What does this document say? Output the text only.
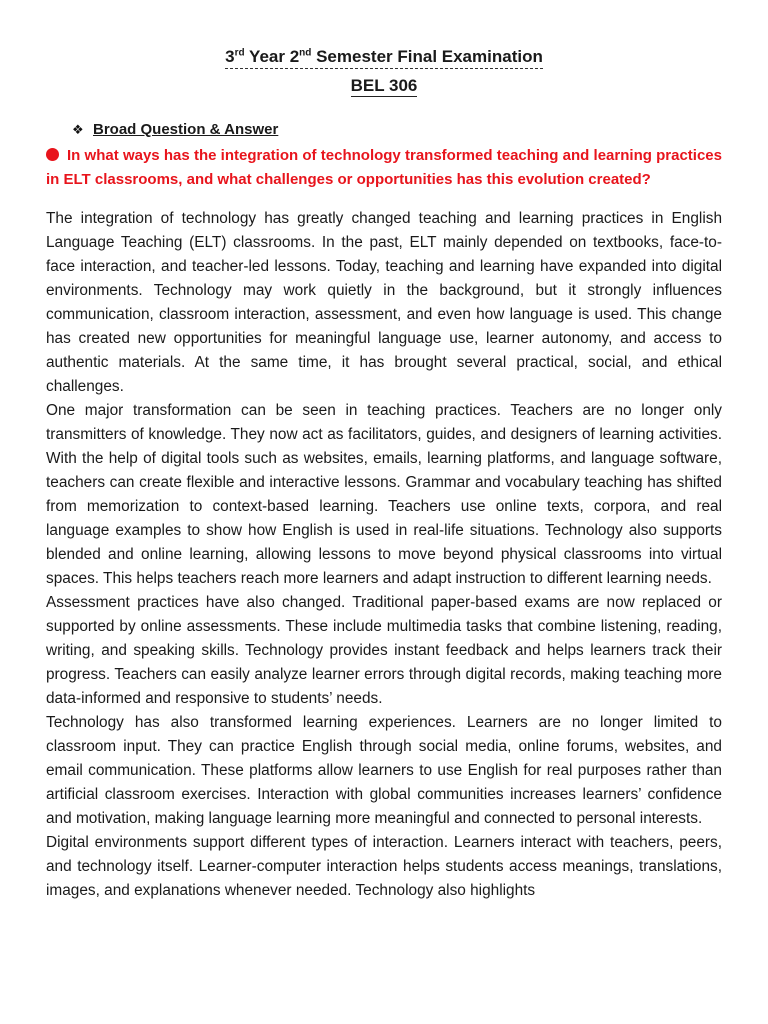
3rd Year 2nd Semester Final Examination
BEL 306
❖ Broad Question & Answer

In what ways has the integration of technology transformed teaching and learning practices in ELT classrooms, and what challenges or opportunities has this evolution created?

The integration of technology has greatly changed teaching and learning practices in English Language Teaching (ELT) classrooms. In the past, ELT mainly depended on textbooks, face-to-face interaction, and teacher-led lessons. Today, teaching and learning have expanded into digital environments. Technology may work quietly in the background, but it strongly influences communication, classroom interaction, assessment, and even how language is used. This change has created new opportunities for meaningful language use, learner autonomy, and access to authentic materials. At the same time, it has brought several practical, social, and ethical challenges.

One major transformation can be seen in teaching practices. Teachers are no longer only transmitters of knowledge. They now act as facilitators, guides, and designers of learning activities. With the help of digital tools such as websites, emails, learning platforms, and language software, teachers can create flexible and interactive lessons. Grammar and vocabulary teaching has shifted from memorization to context-based learning. Teachers use online texts, corpora, and real language examples to show how English is used in real-life situations. Technology also supports blended and online learning, allowing lessons to move beyond physical classrooms into virtual spaces. This helps teachers reach more learners and adapt instruction to different learning needs.

Assessment practices have also changed. Traditional paper-based exams are now replaced or supported by online assessments. These include multimedia tasks that combine listening, reading, writing, and speaking skills. Technology provides instant feedback and helps learners track their progress. Teachers can easily analyze learner errors through digital records, making teaching more data-informed and responsive to students’ needs.

Technology has also transformed learning experiences. Learners are no longer limited to classroom input. They can practice English through social media, online forums, websites, and email communication. These platforms allow learners to use English for real purposes rather than artificial classroom exercises. Interaction with global communities increases learners’ confidence and motivation, making language learning more meaningful and connected to personal interests.

Digital environments support different types of interaction. Learners interact with teachers, peers, and technology itself. Learner-computer interaction helps students access meanings, translations, images, and explanations whenever needed. Technology also highlights
